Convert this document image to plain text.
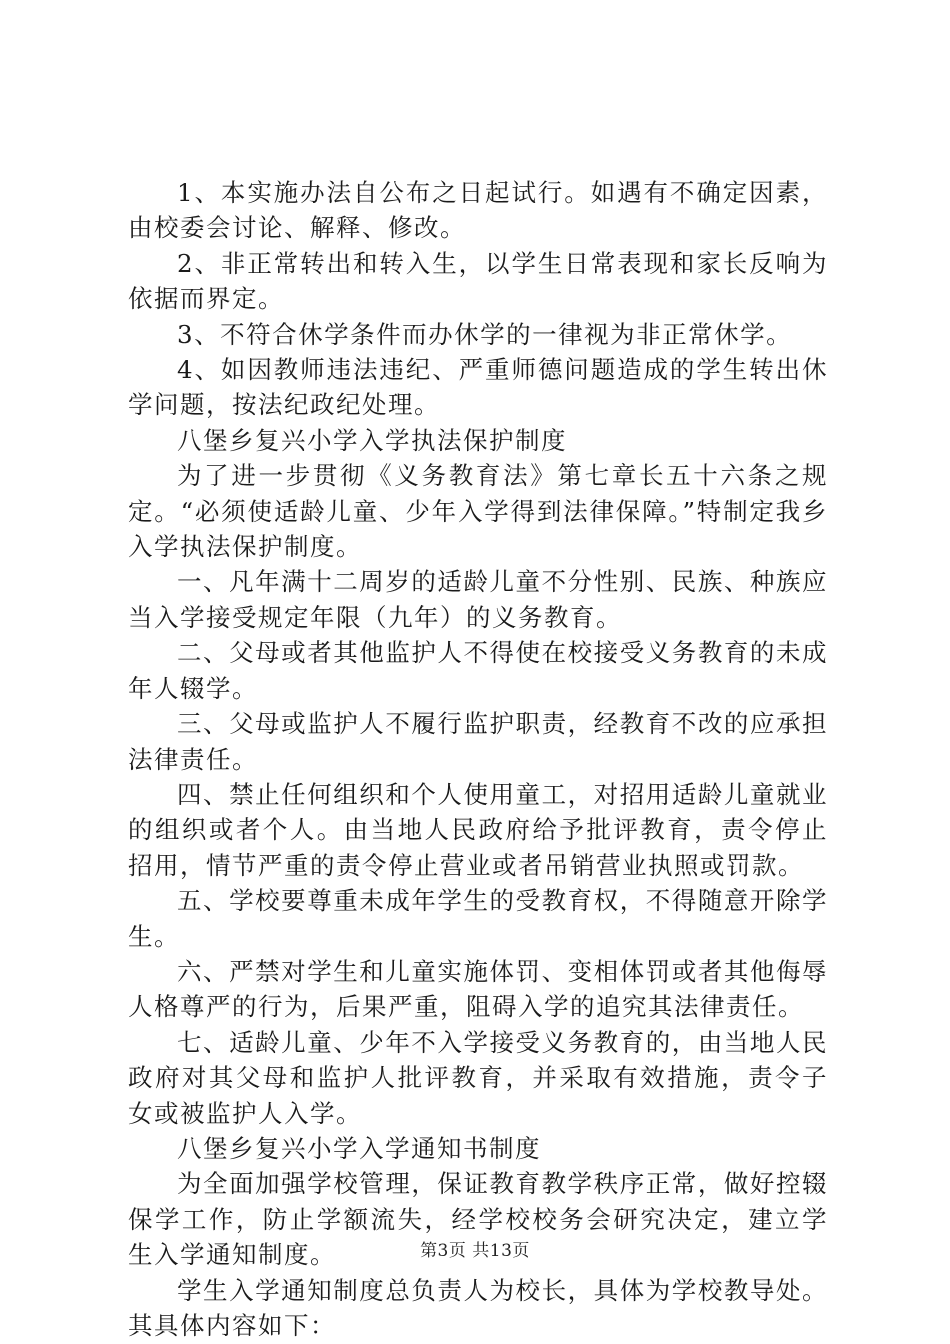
1、本实施办法自公布之日起试行。如遇有不确定因素，由校委会讨论、解释、修改。

2、非正常转出和转入生，以学生日常表现和家长反响为依据而界定。

3、不符合休学条件而办休学的一律视为非正常休学。

4、如因教师违法违纪、严重师德问题造成的学生转出休学问题，按法纪政纪处理。

八堡乡复兴小学入学执法保护制度

为了进一步贯彻《义务教育法》第七章长五十六条之规定。“必须使适龄儿童、少年入学得到法律保障。”特制定我乡入学执法保护制度。

一、凡年满十二周岁的适龄儿童不分性别、民族、种族应当入学接受规定年限（九年）的义务教育。

二、父母或者其他监护人不得使在校接受义务教育的未成年人辍学。

三、父母或监护人不履行监护职责，经教育不改的应承担法律责任。

四、禁止任何组织和个人使用童工，对招用适龄儿童就业的组织或者个人。由当地人民政府给予批评教育，责令停止招用，情节严重的责令停止营业或者吊销营业执照或罚款。

五、学校要尊重未成年学生的受教育权，不得随意开除学生。

六、严禁对学生和儿童实施体罚、变相体罚或者其他侮辱人格尊严的行为，后果严重，阻碍入学的追究其法律责任。

七、适龄儿童、少年不入学接受义务教育的，由当地人民政府对其父母和监护人批评教育，并采取有效措施，责令子女或被监护人入学。

八堡乡复兴小学入学通知书制度

为全面加强学校管理，保证教育教学秩序正常，做好控辍保学工作，防止学额流失，经学校校务会研究决定，建立学生入学通知制度。

学生入学通知制度总负责人为校长，具体为学校教导处。其具体内容如下：

第3页 共13页
